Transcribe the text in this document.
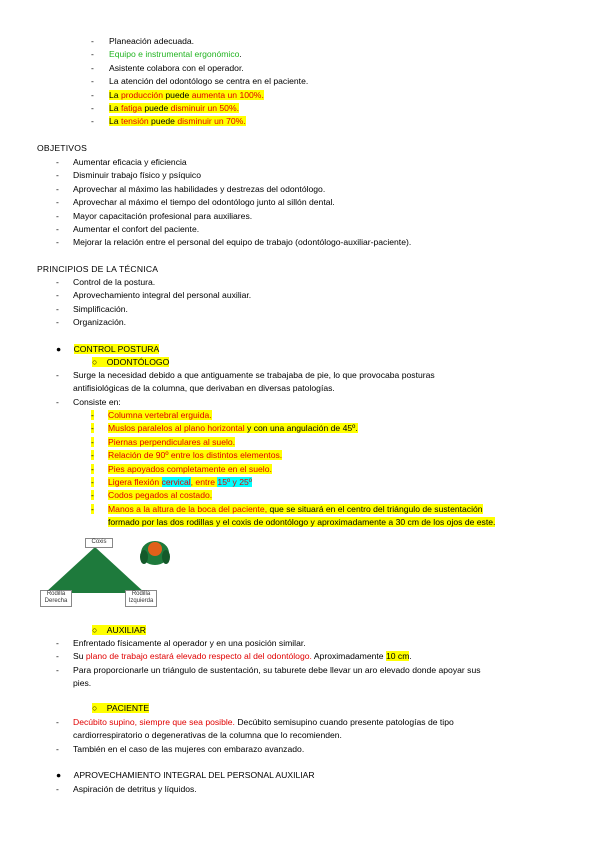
- Planeación adecuada.
- Equipo e instrumental ergonómico.
- Asistente colabora con el operador.
- La atención del odontólogo se centra en el paciente.
- La producción puede aumenta un 100%.
- La fatiga puede disminuir un 50%.
- La tensión puede disminuir un 70%.
OBJETIVOS
- Aumentar eficacia y eficiencia
- Disminuir trabajo físico y psíquico
- Aprovechar al máximo las habilidades y destrezas del odontólogo.
- Aprovechar al máximo el tiempo del odontólogo junto al sillón dental.
- Mayor capacitación profesional para auxiliares.
- Aumentar el confort del paciente.
- Mejorar la relación entre el personal del equipo de trabajo (odontólogo-auxiliar-paciente).
PRINCIPIOS DE LA TÉCNICA
- Control de la postura.
- Aprovechamiento integral del personal auxiliar.
- Simplificación.
- Organización.
● CONTROL POSTURA
○    ODONTÓLOGO
- Surge la necesidad debido a que antiguamente se trabajaba de pie, lo que provocaba posturas
antifisiológicas de la columna, que derivaban en diversas patologías.
- Consiste en:
- Columna vertebral erguida.
- Muslos paralelos al plano horizontal y con una angulación de 45º.
- Piernas perpendiculares al suelo.
- Relación de 90º entre los distintos elementos.
- Pies apoyados completamente en el suelo.
- Ligera flexión cervical, entre 15º y 25º
- Codos pegados al costado.
- Manos a la altura de la boca del paciente, que se situará en el centro del triángulo de sustentación
formado por las dos rodillas y el coxis de odontólogo y aproximadamente a 30 cm de los ojos de este.
Coxis
Rodilla
Derecha
Rodilla
Izquierda
○    AUXILIAR
- Enfrentado físicamente al operador y en una posición similar.
- Su plano de trabajo estará elevado respecto al del odontólogo. Aproximadamente 10 cm.
- Para proporcionarle un triángulo de sustentación, su taburete debe llevar un aro elevado donde apoyar sus
pies.
○    PACIENTE
- Decúbito supino, siempre que sea posible. Decúbito semisupino cuando presente patologías de tipo
cardiorrespiratorio o degenerativas de la columna que lo recomienden.
- También en el caso de las mujeres con embarazo avanzado.
● APROVECHAMIENTO INTEGRAL DEL PERSONAL AUXILIAR
- Aspiración de detritus y líquidos.
